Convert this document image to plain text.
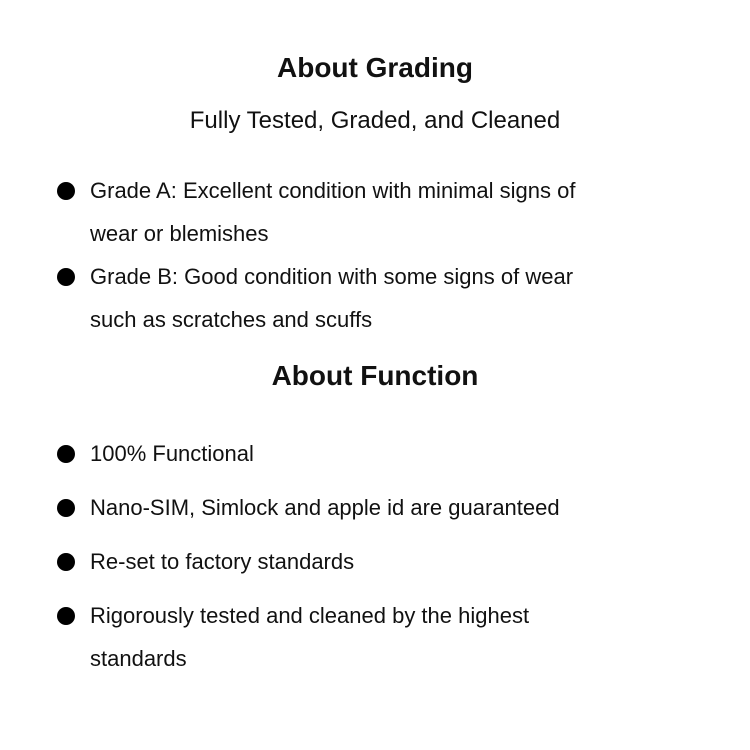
About Grading

Fully Tested, Graded, and Cleaned

Grade A: Excellent condition with minimal signs of
wear or blemishes
Grade B: Good condition with some signs of wear
such as scratches and scuffs
About Function
100% Functional
Nano-SIM, Simlock and apple id are guaranteed
Re-set to factory standards
Rigorously tested and cleaned by the highest
standards
